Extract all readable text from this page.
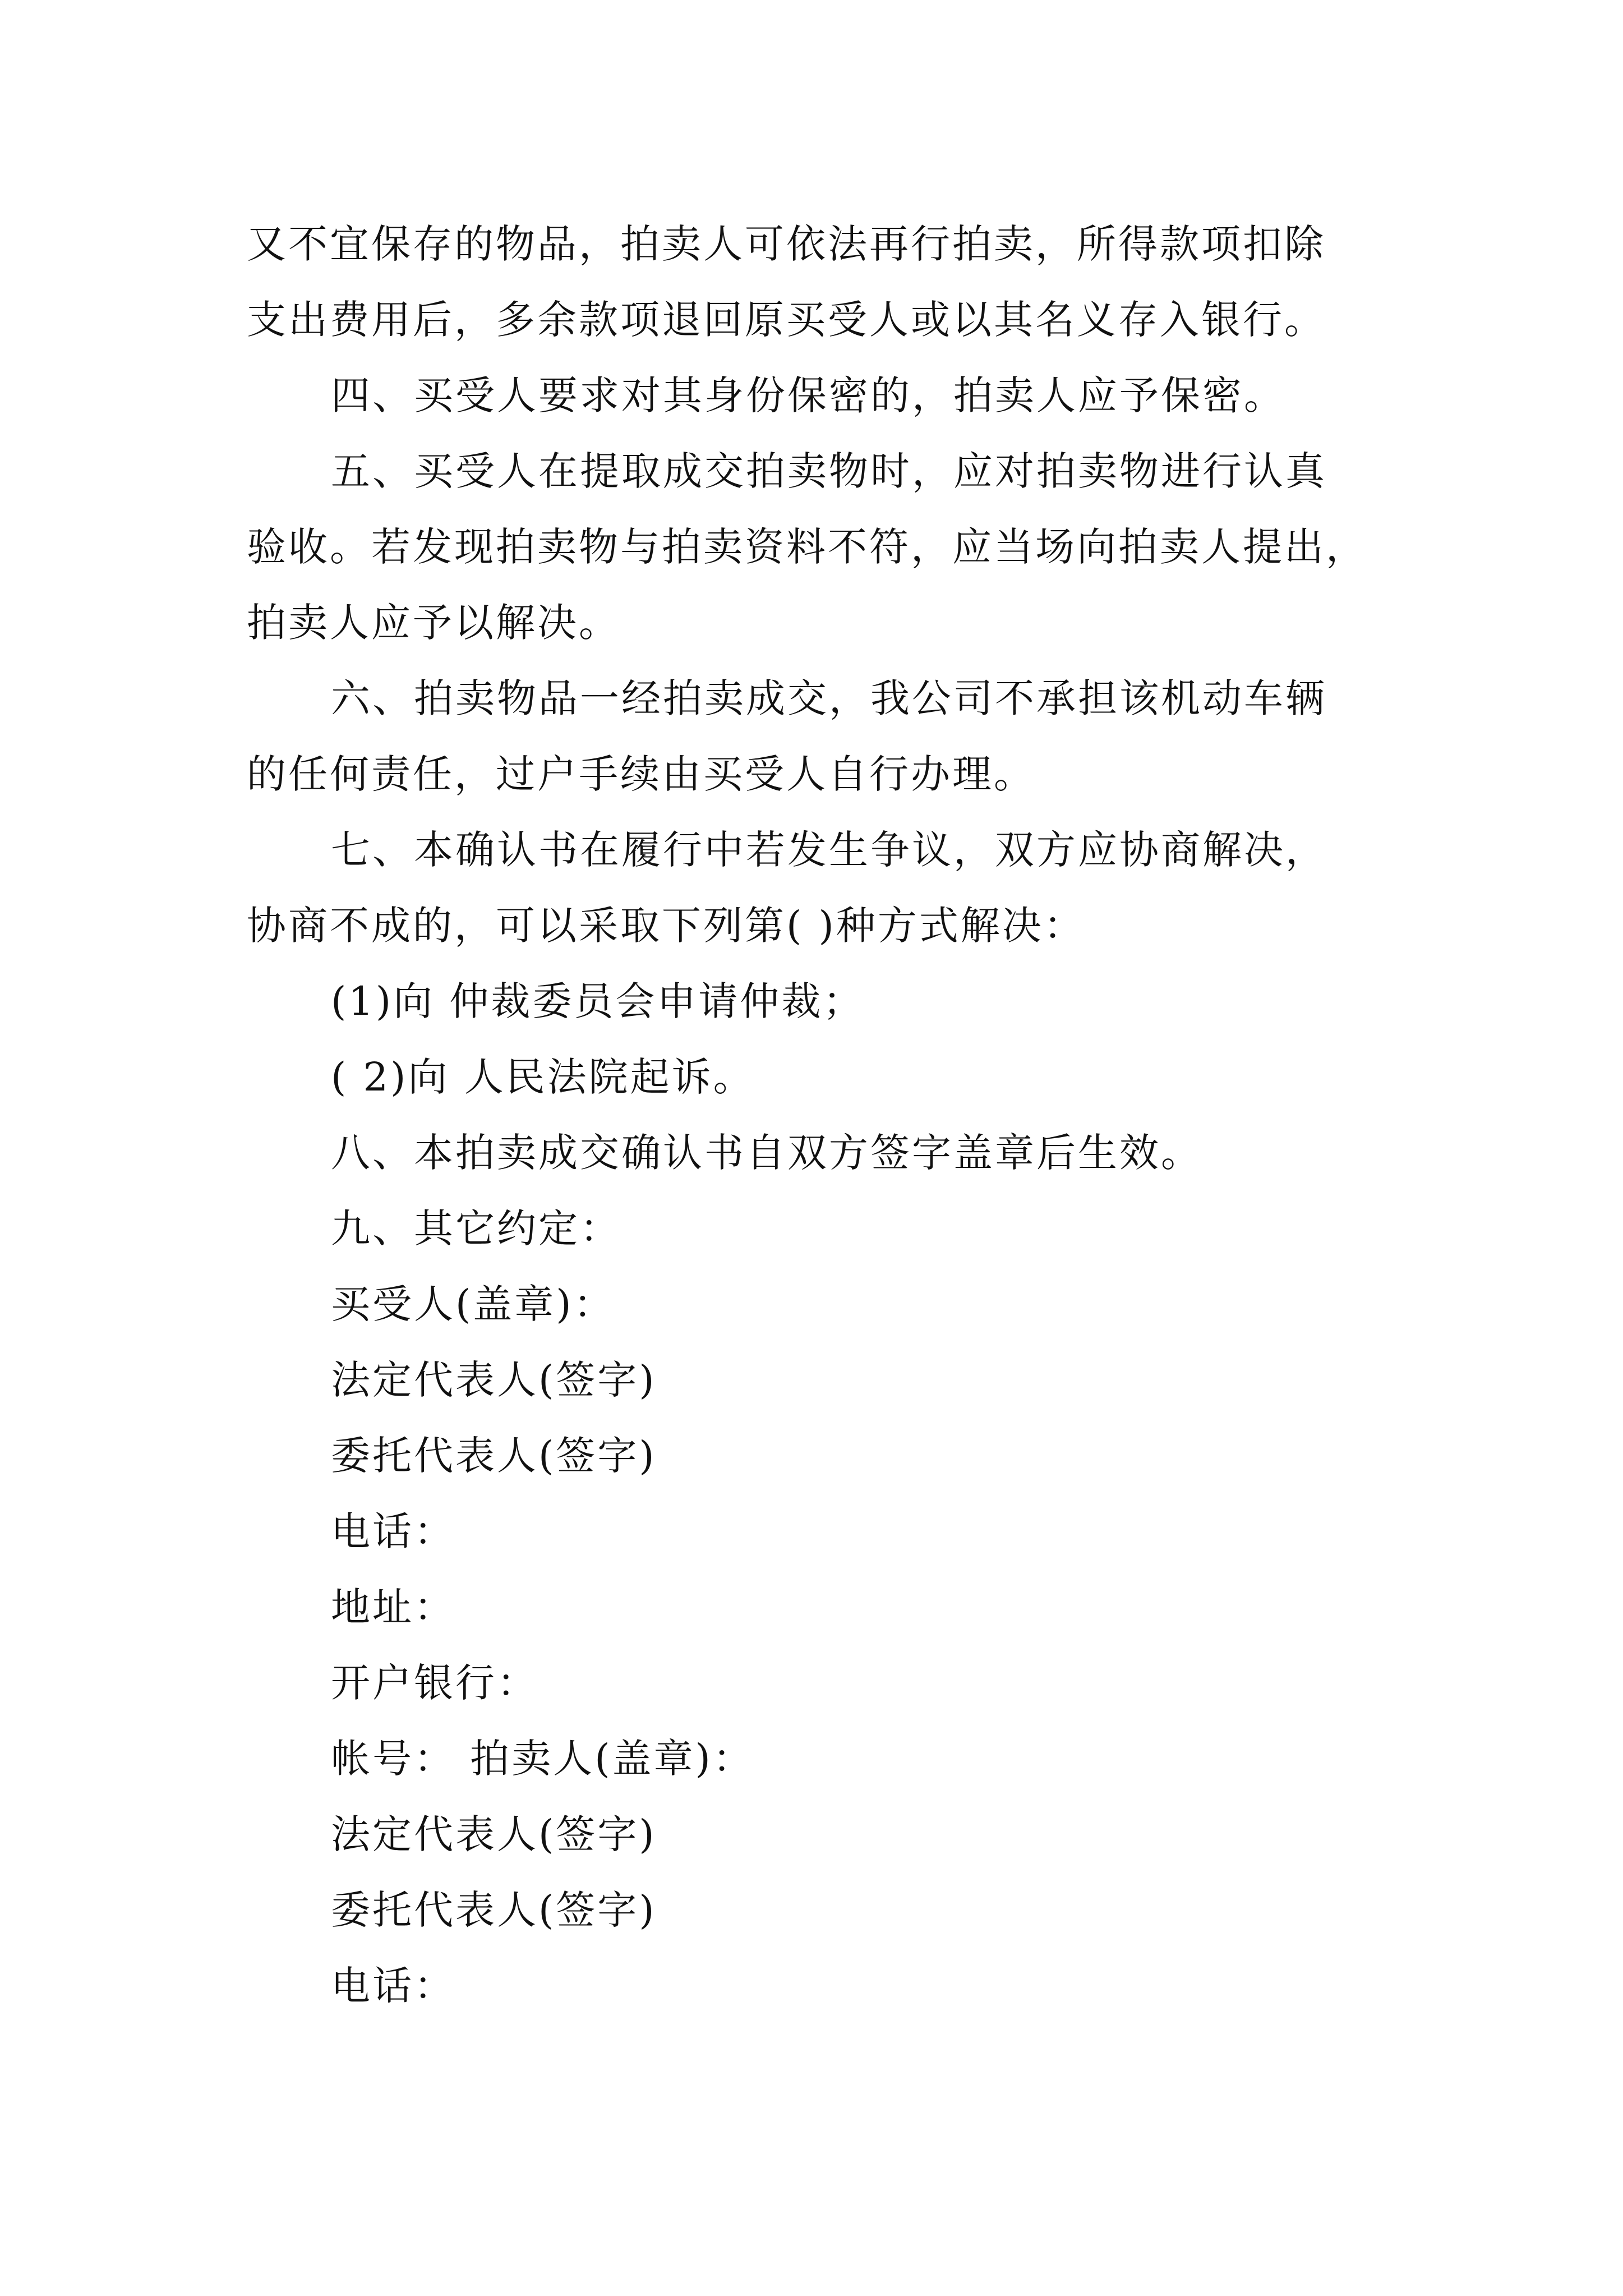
又不宜保存的物品，拍卖人可依法再行拍卖，所得款项扣除
支出费用后，多余款项退回原买受人或以其名义存入银行。
四、买受人要求对其身份保密的，拍卖人应予保密。
五、买受人在提取成交拍卖物时，应对拍卖物进行认真
验收。若发现拍卖物与拍卖资料不符，应当场向拍卖人提出，
拍卖人应予以解决。
六、拍卖物品一经拍卖成交，我公司不承担该机动车辆
的任何责任，过户手续由买受人自行办理。
七、本确认书在履行中若发生争议，双方应协商解决，
协商不成的，可以采取下列第( )种方式解决：
(1)向 仲裁委员会申请仲裁；
( 2)向 人民法院起诉。
八、本拍卖成交确认书自双方签字盖章后生效。
九、其它约定：
买受人(盖章)：
法定代表人(签字)
委托代表人(签字)
电话：
地址：
开户银行：
帐号： 拍卖人(盖章)：
法定代表人(签字)
委托代表人(签字)
电话：
